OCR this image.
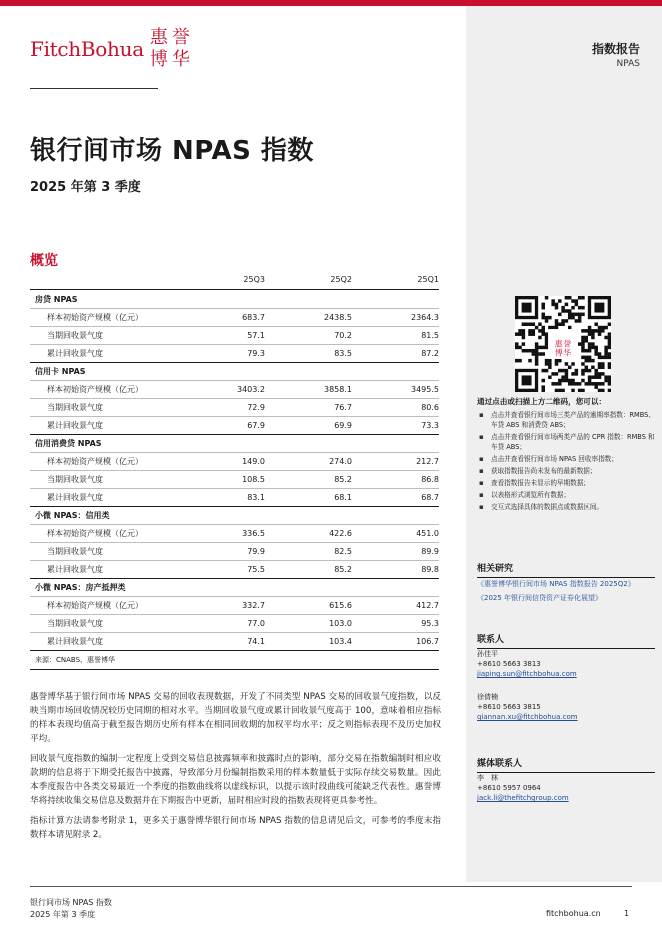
FitchBohua 惠 誉
博 华	指数报告
NPAS
银行间市场 NPAS 指数
2025 年第 3 季度
概览
25Q3	25Q2	25Q1
房贷 NPAS
样本初始资产规模（亿元）	683.7	2438.5	2364.3
当期回收景气度	57.1	70.2	81.5
累计回收景气度	79.3	83.5	87.2
信用卡 NPAS
样本初始资产规模（亿元）	3403.2	3858.1	3495.5
当期回收景气度	72.9	76.7	80.6
累计回收景气度	67.9	69.9	73.3
信用消费贷 NPAS
样本初始资产规模（亿元）	149.0	274.0	212.7
当期回收景气度	108.5	85.2	86.8
累计回收景气度	83.1	68.1	68.7
小微 NPAS：信用类
样本初始资产规模（亿元）	336.5	422.6	451.0
当期回收景气度	79.9	82.5	89.9
累计回收景气度	75.5	85.2	89.8
小微 NPAS：房产抵押类
样本初始资产规模（亿元）	332.7	615.6	412.7
当期回收景气度	77.0	103.0	95.3
累计回收景气度	74.1	103.4	106.7
来源：CNABS、惠誉博华

惠誉博华基于银行间市场 NPAS 交易的回收表现数据，开发了不同类型 NPAS 交易的回收景气度指数，以反映当期市场回收情况较历史同期的相对水平。当期回收景气度或累计回收景气度高于 100，意味着相应指标的样本表现均值高于截至报告期历史所有样本在相同回收期的加权平均水平；反之则指标表现不及历史加权平均。

回收景气度指数的编制一定程度上受到交易信息披露频率和披露时点的影响，部分交易在指数编制时相应收款期的信息将于下期受托报告中披露，导致部分月份编制指数采用的样本数量低于实际存续交易数量。因此本季度报告中各类交易最近一个季度的指数曲线将以虚线标识，以提示该时段曲线可能缺乏代表性。惠誉博华将持续收集交易信息及数据并在下期报告中更新，届时相应时段的指数表现将更具参考性。

指标计算方法请参考附录 1，更多关于惠誉博华银行间市场 NPAS 指数的信息请见后文，可参考的季度末指数样本请见附录 2。

惠 誉
博 华
通过点击或扫描上方二维码，您可以：
▪ 点击并查看银行间市场三类产品的逾期率指数：RMBS、车贷 ABS 和消费贷 ABS；
▪ 点击并查看银行间市场两类产品的 CPR 指数：RMBS 和车贷 ABS；
▪ 点击并查看银行间市场 NPAS 回收率指数；
▪ 获取指数报告尚未发布的最新数据；
▪ 查看指数报告未显示的早期数据；
▪ 以表格形式浏览所有数据；
▪ 交互式选择具体的数据点或数据区间。
相关研究
《惠誉博华银行间市场 NPAS 指数报告 2025Q2》
《2025 年银行间信贷资产证券化展望》
联系人
孙佳平
+8610 5663 3813
jiaping.sun@fitchbohua.com
徐倩楠
+8610 5663 3815
qiannan.xu@fitchbohua.com
媒体联系人
李　林
+8610 5957 0964
jack.li@thefitchgroup.com
银行间市场 NPAS 指数
2025 年第 3 季度	fitchbohua.cn	1
